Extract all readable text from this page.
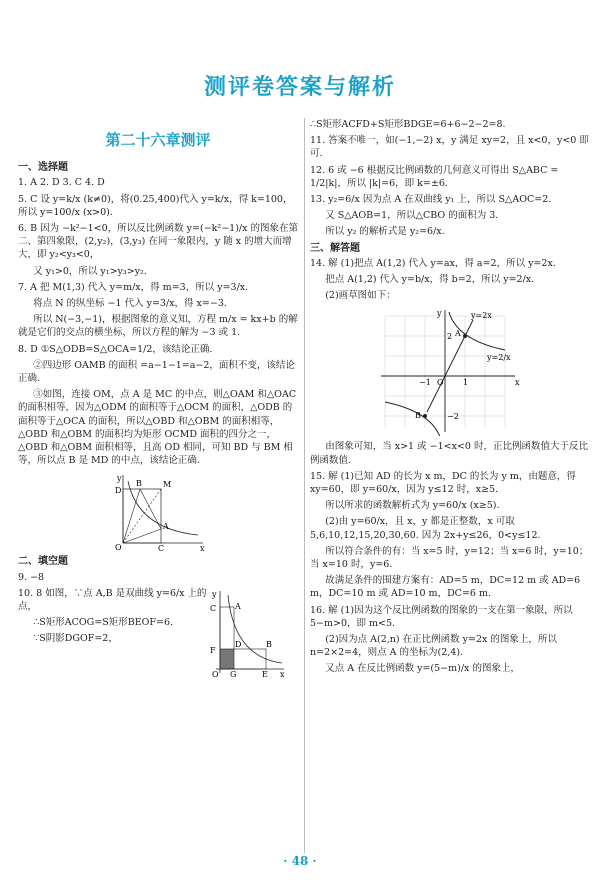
测评卷答案与解析
第二十六章测评
一、选择题

1. A 2. D 3. C 4. D

5. C 设 y=k/x (k≠0)，将(0.25,400)代入 y=k/x，得 k=100，所以 y=100/x (x>0).

6. B 因为 −k²−1<0，所以反比例函数 y=(−k²−1)/x 的图象在第二、第四象限，(2,y₂)，(3,y₃) 在同一象限内，y 随 x 的增大而增大，即 y₂<y₃<0，

又 y₁>0，所以 y₁>y₃>y₂.

7. A 把 M(1,3) 代入 y=m/x，得 m=3，所以 y=3/x.

将点 N 的纵坐标 −1 代入 y=3/x，得 x=−3.

所以 N(−3,−1)，根据图象的意义知，方程 m/x = kx+b 的解就是它们的交点的横坐标，所以方程的解为 −3 或 1.

8. D ①S△ODB=S△OCA=1/2，该结论正确.

②四边形 OAMB 的面积 =a−1−1=a−2，面积不变，该结论正确.

③如图，连接 OM，点 A 是 MC 的中点，则△OAM 和△OAC 的面积相等，因为△ODM 的面积等于△OCM 的面积，△ODB 的面积等于△OCA 的面积，所以△OBD 和△OBM 的面积相等，△OBD 和△OBM 的面积均为矩形 OCMD 面积的四分之一，△OBD 和△OBM 面积相等，且高 OD 相同，可知 BD 与 BM 相等，所以点 B 是 MD 的中点，该结论正确.

y
M
D
B
A
O	C	x
二、填空题

9. −8

10. 8 如图，∵点 A,B 是双曲线 y=6/x 上的点，

∴S矩形ACOG=S矩形BEOF=6.

∵S阴影DGOF=2，

y
C A
D
F
B
O G	E x

∴S矩形ACFD+S矩形BDGE=6+6−2−2=8.

11. 答案不唯一，如(−1,−2) x，y 满足 xy=2，且 x<0，y<0 即可.

12. 6 或 −6 根据反比例函数的几何意义可得出 S△ABC = 1/2|k|，所以 |k|=6，即 k=±6.

13. y₂=6/x 因为点 A 在双曲线 y₁ 上，所以 S△AOC=2.

又 S△AOB=1，所以△CBO 的面积为 3.

所以 y₂ 的解析式是 y₂=6/x.

三、解答题

14. 解 (1)把点 A(1,2) 代入 y=ax，得 a=2，所以 y=2x.

把点 A(1,2) 代入 y=b/x，得 b=2，所以 y=2/x.

(2)画草图如下：

y	y=2x
A
y=2/x
O 1
−1
B
x
2
−2

由图象可知，当 x>1 或 −1<x<0 时，正比例函数值大于反比例函数值.

15. 解 (1)已知 AD 的长为 x m，DC 的长为 y m，由题意，得 xy=60，即 y=60/x，因为 y≤12 时，x≥5.

所以所求的函数解析式为 y=60/x (x≥5).

(2)由 y=60/x，且 x，y 都是正整数，x 可取 5,6,10,12,15,20,30,60. 因为 2x+y≤26，0<y≤12.

所以符合条件的有：当 x=5 时，y=12；当 x=6 时，y=10；当 x=10 时，y=6.

故满足条件的围建方案有：AD=5 m，DC=12 m 或 AD=6 m，DC=10 m 或 AD=10 m，DC=6 m.

16. 解 (1)因为这个反比例函数的图象的一支在第一象限，所以 5−m>0，即 m<5.

(2)因为点 A(2,n) 在正比例函数 y=2x 的图象上，所以 n=2×2=4，则点 A 的坐标为(2,4).

又点 A 在反比例函数 y=(5−m)/x 的图象上，

· 48 ·
